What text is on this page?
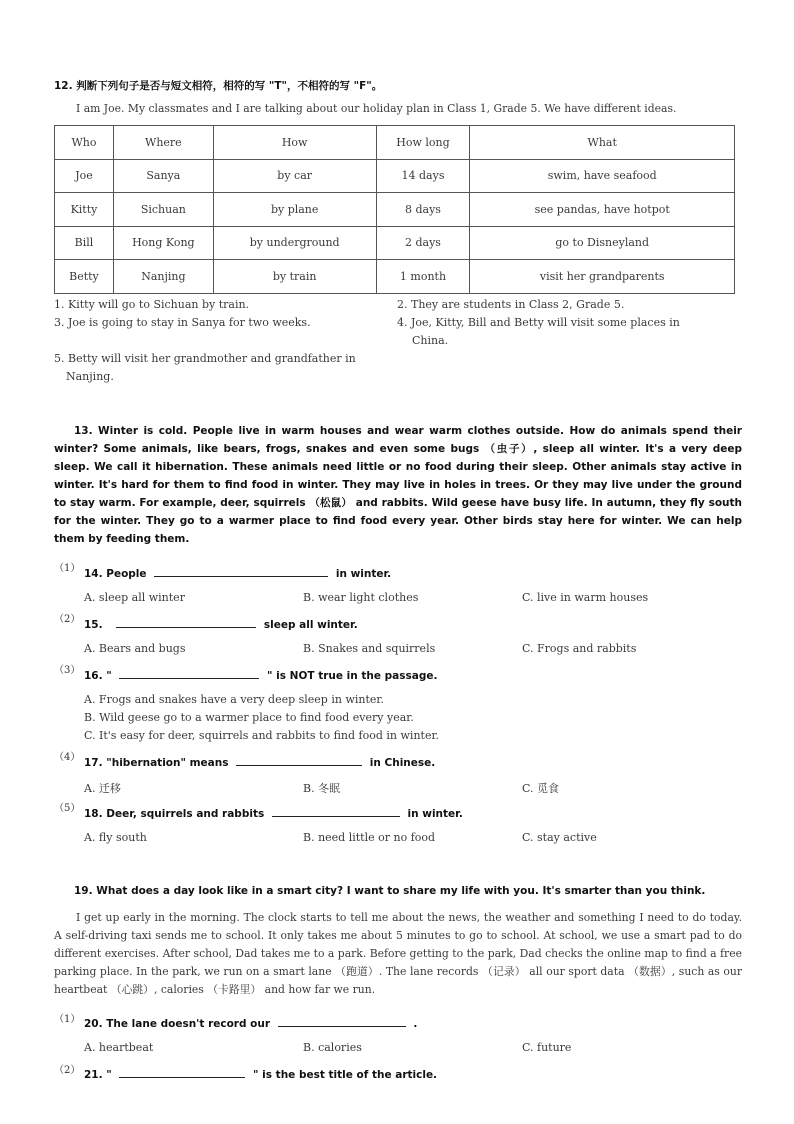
12. 判断下列句子是否与短文相符，相符的写 "T"，不相符的写 "F"。
I am Joe. My classmates and I are talking about our holiday plan in Class 1, Grade 5. We have different ideas.
Who	Where	How	How long	What
Joe	Sanya	by car	14 days	swim, have seafood
Kitty	Sichuan	by plane	8 days	see pandas, have hotpot
Bill	Hong Kong	by underground	2 days	go to Disneyland
Betty	Nanjing	by train	1 month	visit her grandparents
1. Kitty will go to Sichuan by train.	2. They are students in Class 2, Grade 5.
3. Joe is going to stay in Sanya for two weeks.	4. Joe, Kitty, Bill and Betty will visit some places in
China.
5. Betty will visit her grandmother and grandfather in
Nanjing.
13. Winter is cold. People live in warm houses and wear warm clothes outside. How do animals spend their winter? Some animals, like bears, frogs, snakes and even some bugs （虫子）, sleep all winter. It's a very deep sleep. We call it hibernation. These animals need little or no food during their sleep. Other animals stay active in winter. It's hard for them to find food in winter. They may live in holes in trees. Or they may live under the ground to stay warm. For example, deer, squirrels （松鼠） and rabbits. Wild geese have busy life. In autumn, they fly south for the winter. They go to a warmer place to find food every year. Other birds stay here for winter. We can help them by feeding them.
（1） 14. People	in winter.
A. sleep all winter	B. wear light clothes	C. live in warm houses
（2） 15.	sleep all winter.
A. Bears and bugs	B. Snakes and squirrels	C. Frogs and rabbits
（3） 16. "	" is NOT true in the passage.
A. Frogs and snakes have a very deep sleep in winter.
B. Wild geese go to a warmer place to find food every year.
C. It's easy for deer, squirrels and rabbits to find food in winter.
（4） 17. "hibernation" means	in Chinese.
A. 迁移	B. 冬眠	C. 觅食
（5） 18. Deer, squirrels and rabbits	in winter.
A. fly south	B. need little or no food	C. stay active
19. What does a day look like in a smart city? I want to share my life with you. It's smarter than you think.
I get up early in the morning. The clock starts to tell me about the news, the weather and something I need to do today. A self-driving taxi sends me to school. It only takes me about 5 minutes to go to school. At school, we use a smart pad to do different exercises. After school, Dad takes me to a park. Before getting to the park, Dad checks the online map to find a free parking place. In the park, we run on a smart lane （跑道）. The lane records （记录） all our sport data （数据）, such as our heartbeat （心跳）, calories （卡路里） and how far we run.
（1） 20. The lane doesn't record our	.
A. heartbeat	B. calories	C. future
（2） 21. "	" is the best title of the article.
